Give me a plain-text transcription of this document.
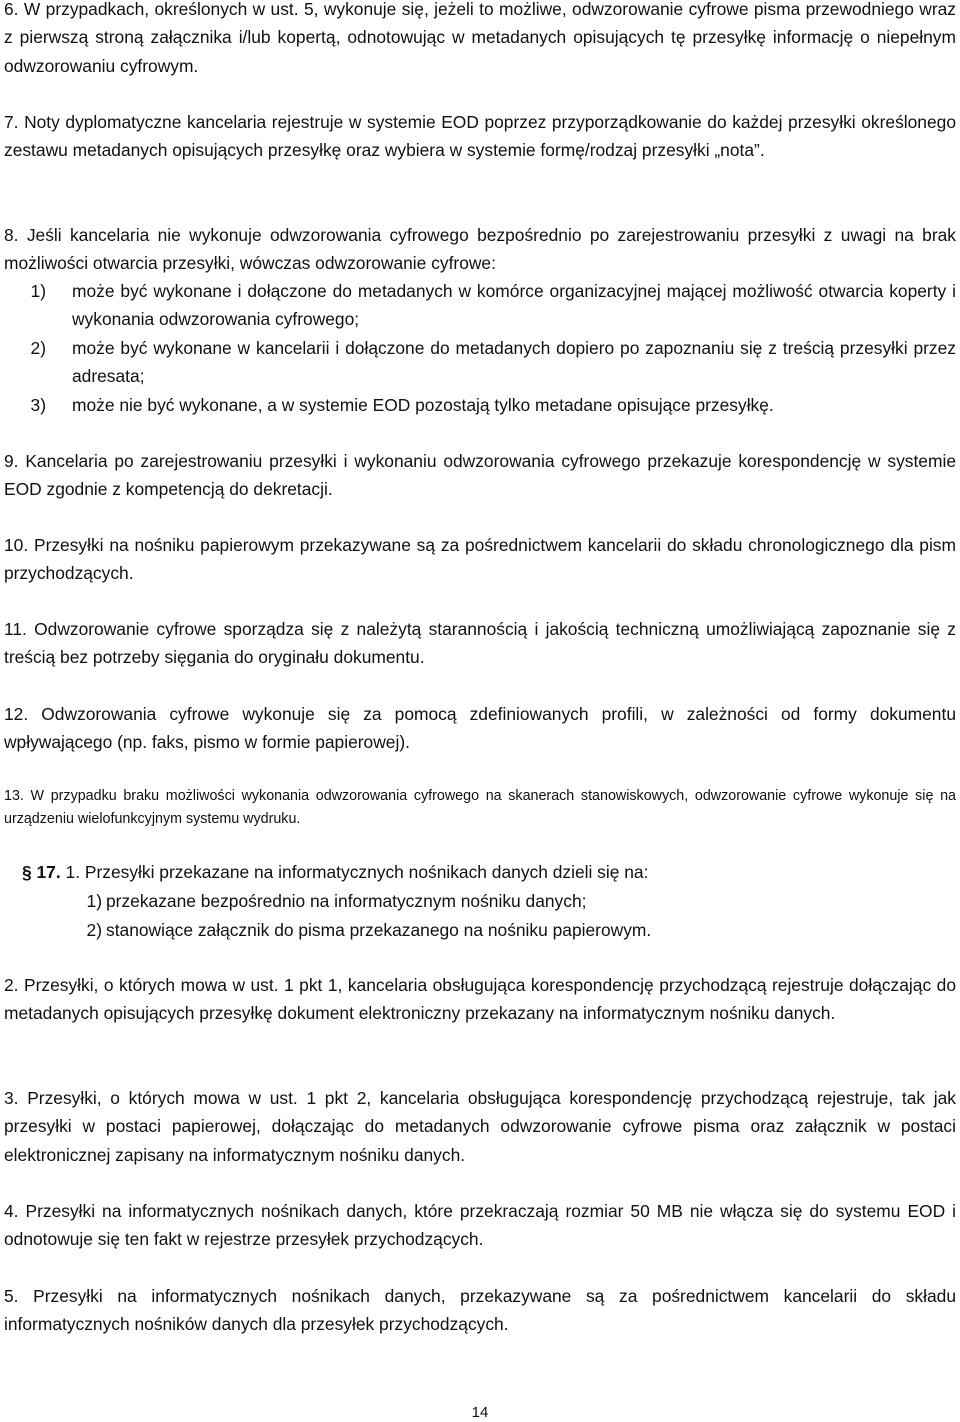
6. W przypadkach, określonych w ust. 5, wykonuje się, jeżeli to możliwe, odwzorowanie cyfrowe pisma przewodniego wraz z pierwszą stroną załącznika i/lub kopertą, odnotowując w metadanych opisujących tę przesyłkę informację o niepełnym odwzorowaniu cyfrowym.

7. Noty dyplomatyczne kancelaria rejestruje w systemie EOD poprzez przyporządkowanie do każdej przesyłki określonego zestawu metadanych opisujących przesyłkę oraz wybiera w systemie formę/rodzaj przesyłki „nota”.

8. Jeśli kancelaria nie wykonuje odwzorowania cyfrowego bezpośrednio po zarejestrowaniu przesyłki z uwagi na brak możliwości otwarcia przesyłki, wówczas odwzorowanie cyfrowe:

1) może być wykonane i dołączone do metadanych w komórce organizacyjnej mającej możliwość otwarcia koperty i wykonania odwzorowania cyfrowego;
2) może być wykonane w kancelarii i dołączone do metadanych dopiero po zapoznaniu się z treścią przesyłki przez adresata;
3) może nie być wykonane, a w systemie EOD pozostają tylko metadane opisujące przesyłkę.

9. Kancelaria po zarejestrowaniu przesyłki i wykonaniu odwzorowania cyfrowego przekazuje korespondencję w systemie EOD zgodnie z kompetencją do dekretacji.

10. Przesyłki na nośniku papierowym przekazywane są za pośrednictwem kancelarii do składu chronologicznego dla pism przychodzących.

11. Odwzorowanie cyfrowe sporządza się z należytą starannością i jakością techniczną umożliwiającą zapoznanie się z treścią bez potrzeby sięgania do oryginału dokumentu.

12. Odwzorowania cyfrowe wykonuje się za pomocą zdefiniowanych profili, w zależności od formy dokumentu wpływającego (np. faks, pismo w formie papierowej).

13. W przypadku braku możliwości wykonania odwzorowania cyfrowego na skanerach stanowiskowych, odwzorowanie cyfrowe wykonuje się na urządzeniu wielofunkcyjnym systemu wydruku.

§ 17. 1. Przesyłki przekazane na informatycznych nośnikach danych dzieli się na:

1) przekazane bezpośrednio na informatycznym nośniku danych;
2) stanowiące załącznik do pisma przekazanego na nośniku papierowym.

2. Przesyłki, o których mowa w ust. 1 pkt 1, kancelaria obsługująca korespondencję przychodzącą rejestruje dołączając do metadanych opisujących przesyłkę dokument elektroniczny przekazany na informatycznym nośniku danych.

3. Przesyłki, o których mowa w ust. 1 pkt 2, kancelaria obsługująca korespondencję przychodzącą rejestruje, tak jak przesyłki w postaci papierowej, dołączając do metadanych odwzorowanie cyfrowe pisma oraz załącznik w postaci elektronicznej zapisany na informatycznym nośniku danych.

4. Przesyłki na informatycznych nośnikach danych, które przekraczają rozmiar 50 MB nie włącza się do systemu EOD i odnotowuje się ten fakt w rejestrze przesyłek przychodzących.

5. Przesyłki na informatycznych nośnikach danych, przekazywane są za pośrednictwem kancelarii do składu informatycznych nośników danych dla przesyłek przychodzących.

14
